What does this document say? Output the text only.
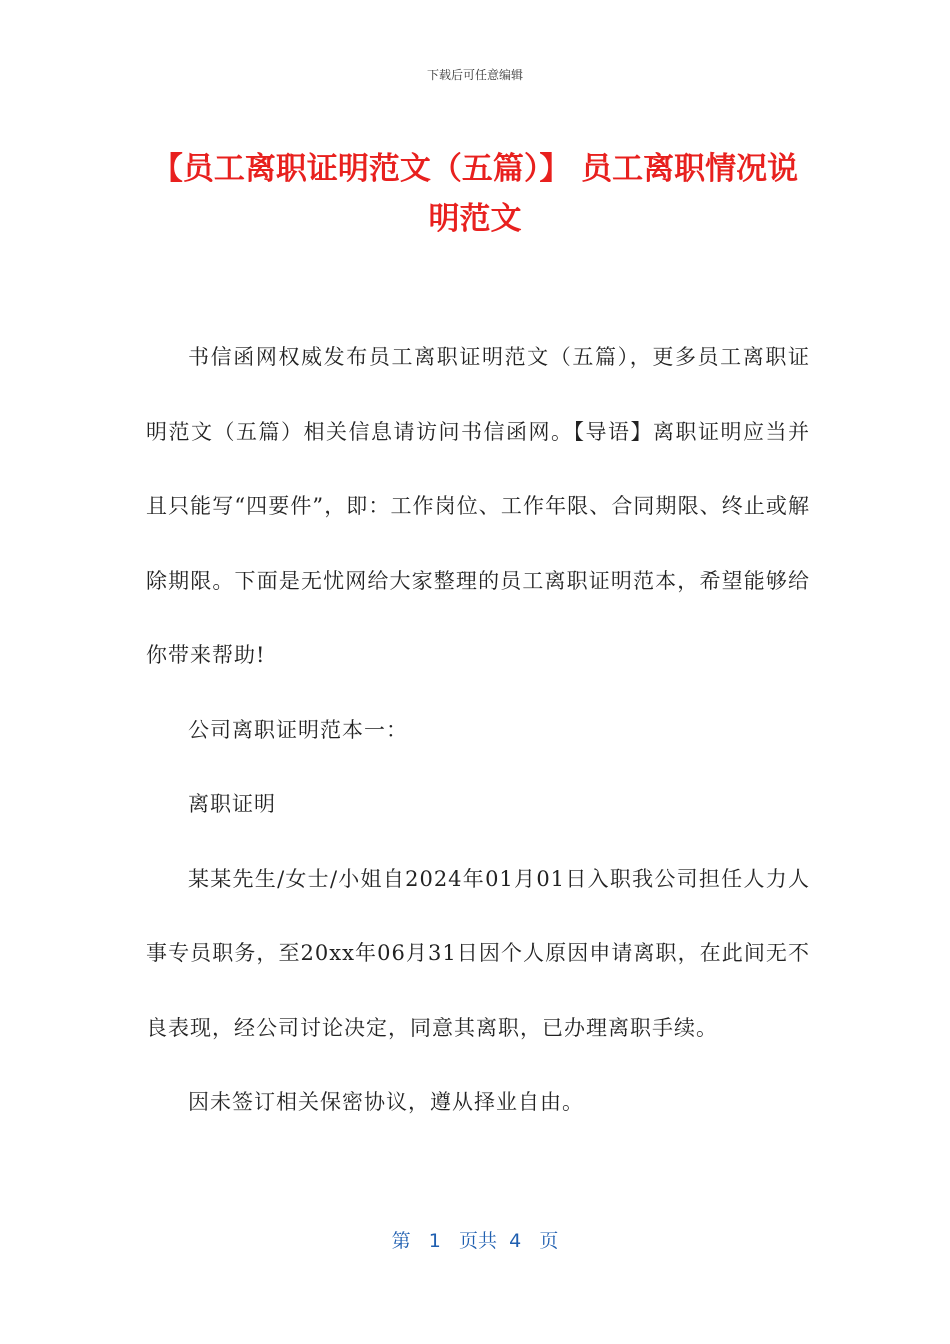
下载后可任意编辑
【员工离职证明范文（五篇）】 员工离职情况说明范文

书信函网权威发布员工离职证明范文（五篇），更多员工离职证明范文（五篇）相关信息请访问书信函网。【导语】离职证明应当并且只能写“四要件”，即：工作岗位、工作年限、合同期限、终止或解除期限。下面是无忧网给大家整理的员工离职证明范本，希望能够给你带来帮助!

公司离职证明范本一：

离职证明

某某先生/女士/小姐自2024年01月01日入职我公司担任人力人事专员职务，至20xx年06月31日因个人原因申请离职，在此间无不良表现，经公司讨论决定，同意其离职，已办理离职手续。

因未签订相关保密协议，遵从择业自由。

第 1 页共 4 页
